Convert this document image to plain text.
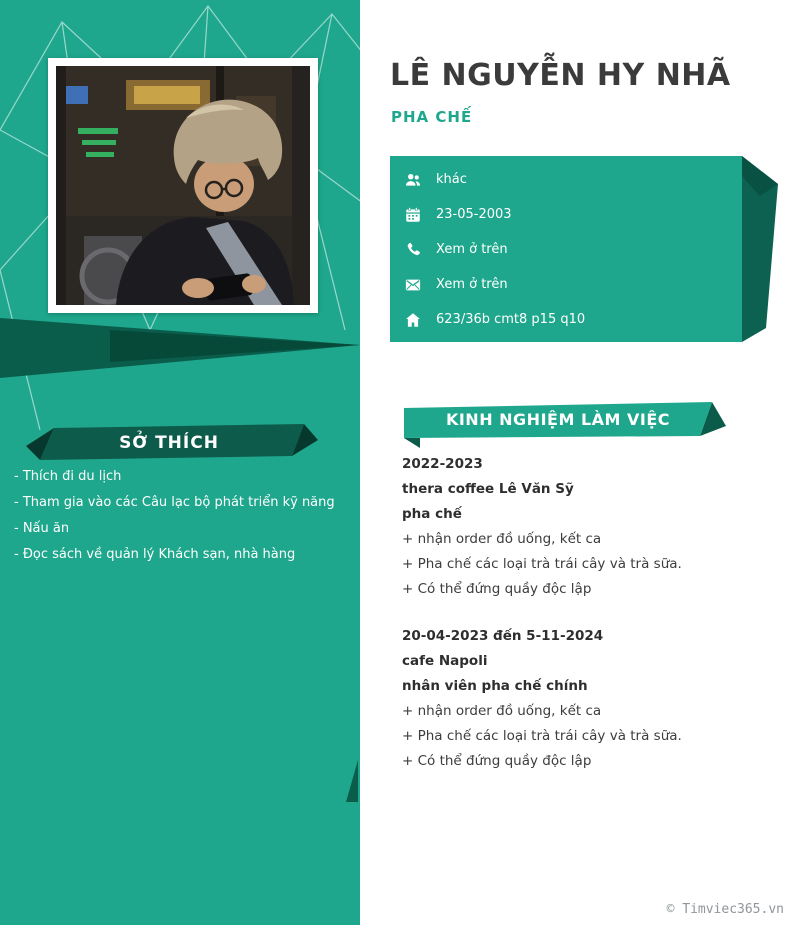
SỞ THÍCH
- Thích đi du lịch
- Tham gia vào các Câu lạc bộ phát triển kỹ năng
- Nấu ăn
- Đọc sách về quản lý Khách sạn, nhà hàng
LÊ NGUYỄN HY NHÃ
PHA CHẾ
khác
23-05-2003
Xem ở trên
Xem ở trên
623/36b cmt8 p15 q10
KINH NGHIỆM LÀM VIỆC

2022-2023

thera coffee Lê Văn Sỹ

pha chế

+ nhận order đồ uống, kết ca

+ Pha chế các loại trà trái cây và trà sữa.

+ Có thể đứng quầy độc lập

20-04-2023 đến 5-11-2024

cafe Napoli

nhân viên pha chế chính

+ nhận order đồ uống, kết ca

+ Pha chế các loại trà trái cây và trà sữa.

+ Có thể đứng quầy độc lập

© Timviec365.vn
